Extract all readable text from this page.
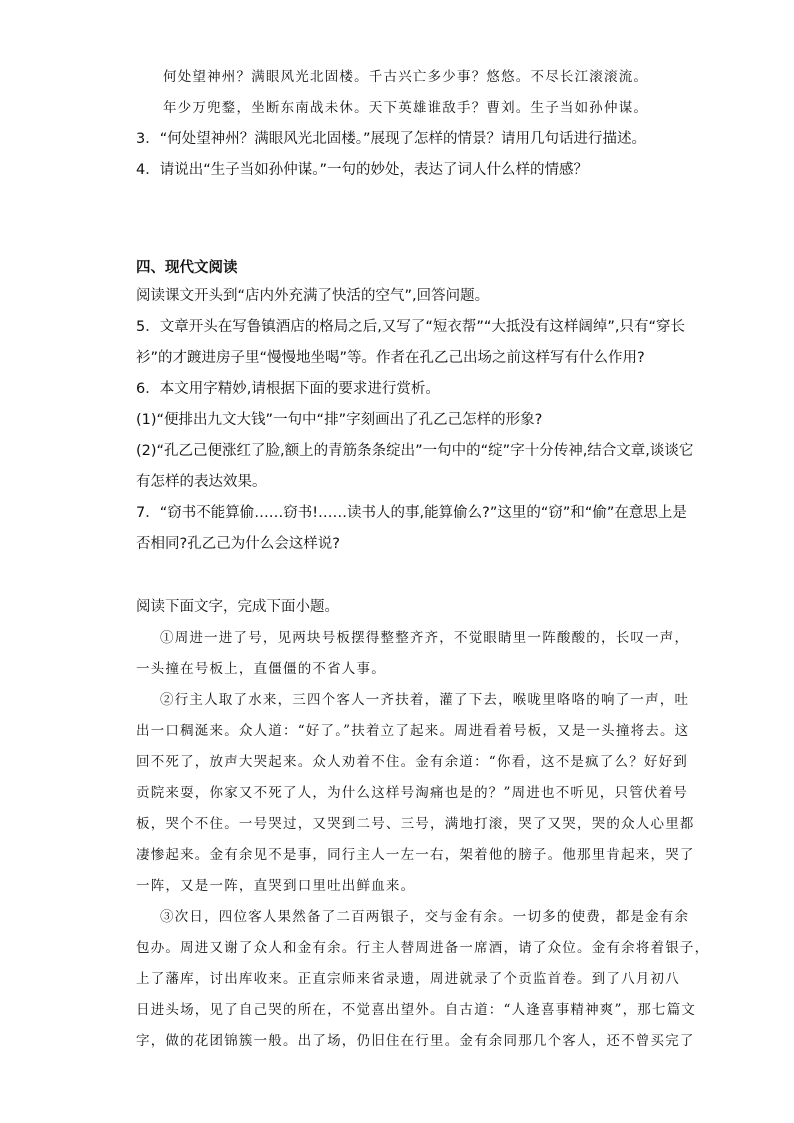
何处望神州？满眼风光北固楼。千古兴亡多少事？悠悠。不尽长江滚滚流。
年少万兜鍪，坐断东南战未休。天下英雄谁敌手？曹刘。生子当如孙仲谋。
3．“何处望神州？满眼风光北固楼。”展现了怎样的情景？请用几句话进行描述。
4．请说出“生子当如孙仲谋。”一句的妙处，表达了词人什么样的情感？
四、现代文阅读
阅读课文开头到“店内外充满了快活的空气”,回答问题。
5．文章开头在写鲁镇酒店的格局之后,又写了“短衣帮”“大抵没有这样阔绰”,只有“穿长
衫”的才踱进房子里“慢慢地坐喝”等。作者在孔乙己出场之前这样写有什么作用?
6．本文用字精妙,请根据下面的要求进行赏析。
(1)“便排出九文大钱”一句中“排”字刻画出了孔乙己怎样的形象?
(2)“孔乙己便涨红了脸,额上的青筋条条绽出”一句中的“绽”字十分传神,结合文章,谈谈它
有怎样的表达效果。
7．“窃书不能算偷……窃书!……读书人的事,能算偷么?”这里的“窃”和“偷”在意思上是
否相同?孔乙己为什么会这样说?
阅读下面文字，完成下面小题。
①周进一进了号，见两块号板摆得整整齐齐，不觉眼睛里一阵酸酸的，长叹一声，
一头撞在号板上，直僵僵的不省人事。
②行主人取了水来，三四个客人一齐扶着，灌了下去，喉咙里咯咯的响了一声，吐
出一口稠涎来。众人道：“好了。”扶着立了起来。周进看着号板，又是一头撞将去。这
回不死了，放声大哭起来。众人劝着不住。金有余道：“你看，这不是疯了么？好好到
贡院来耍，你家又不死了人，为什么这样号淘痛也是的？”周进也不听见，只管伏着号
板，哭个不住。一号哭过，又哭到二号、三号，满地打滚，哭了又哭，哭的众人心里都
凄惨起来。金有余见不是事，同行主人一左一右，架着他的膀子。他那里肯起来，哭了
一阵，又是一阵，直哭到口里吐出鲜血来。
③次日，四位客人果然备了二百两银子，交与金有余。一切多的使费，都是金有余
包办。周进又谢了众人和金有余。行主人替周进备一席酒，请了众位。金有余将着银子，
上了藩库，讨出库收来。正直宗师来省录遗，周进就录了个贡监首卷。到了八月初八
日进头场，见了自己哭的所在，不觉喜出望外。自古道：“人逢喜事精神爽”，那七篇文
字，做的花团锦簇一般。出了场，仍旧住在行里。金有余同那几个客人，还不曾买完了
